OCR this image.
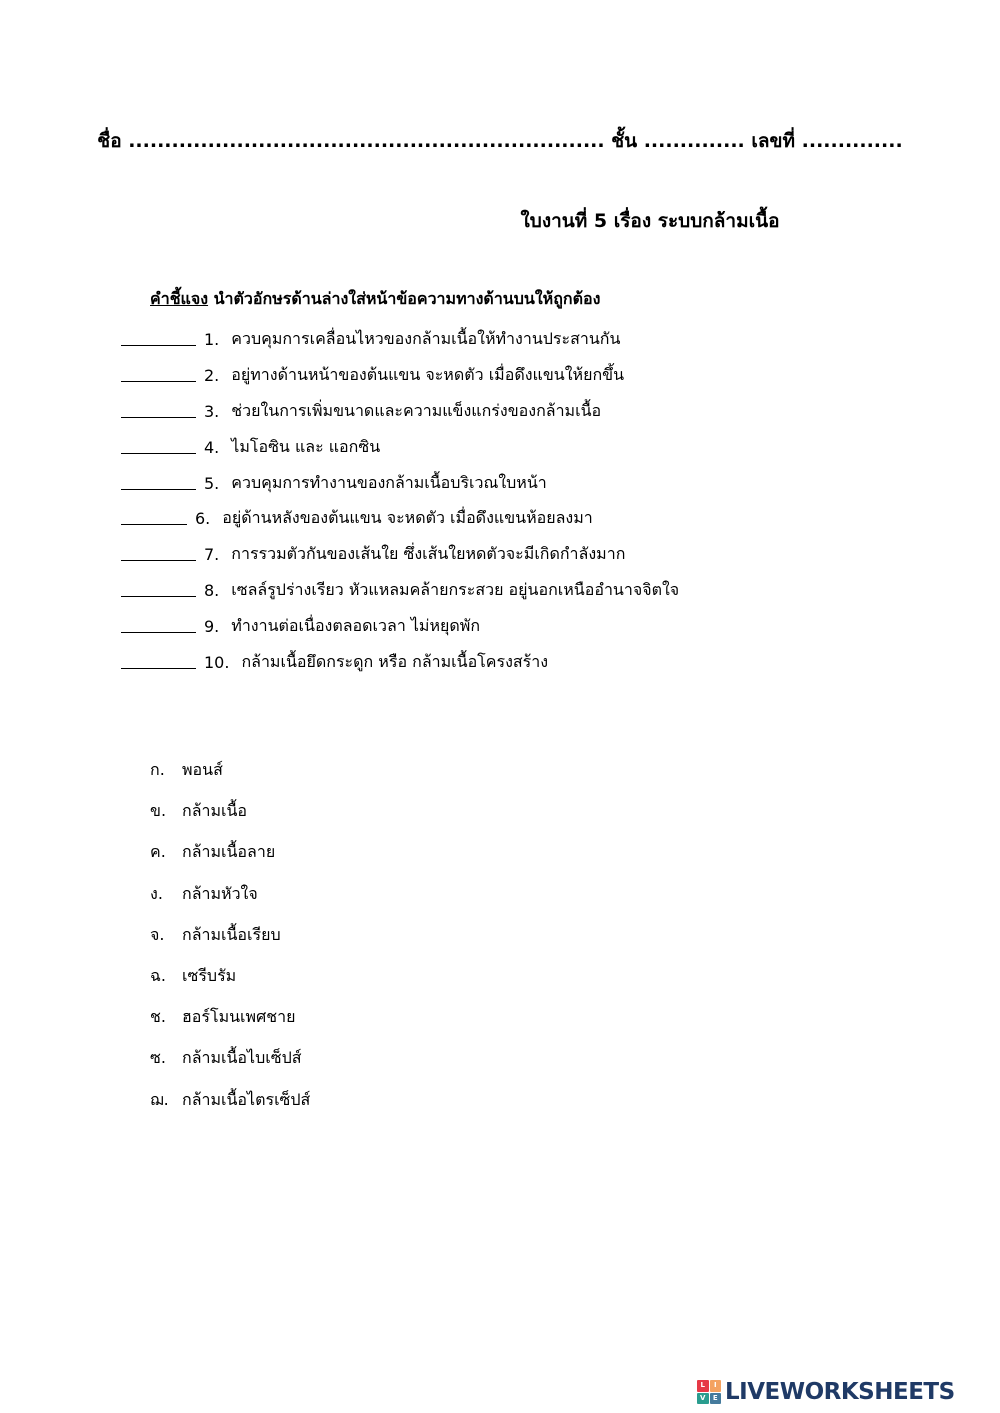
ชื่อ .................................................................. ชั้น .............. เลขที่ ..............
ใบงานที่ 5 เรื่อง ระบบกล้ามเนื้อ
คำชี้แจง นำตัวอักษรด้านล่างใส่หน้าข้อความทางด้านบนให้ถูกต้อง
1. ควบคุมการเคลื่อนไหวของกล้ามเนื้อให้ทำงานประสานกัน
2. อยู่ทางด้านหน้าของต้นแขน จะหดตัว เมื่อดึงแขนให้ยกขึ้น
3. ช่วยในการเพิ่มขนาดและความแข็งแกร่งของกล้ามเนื้อ
4. ไมโอซิน และ แอกซิน
5. ควบคุมการทำงานของกล้ามเนื้อบริเวณใบหน้า
6. อยู่ด้านหลังของต้นแขน จะหดตัว เมื่อดึงแขนห้อยลงมา
7. การรวมตัวกันของเส้นใย ซึ่งเส้นใยหดตัวจะมีเกิดกำลังมาก
8. เซลล์รูปร่างเรียว หัวแหลมคล้ายกระสวย อยู่นอกเหนืออำนาจจิตใจ
9. ทำงานต่อเนื่องตลอดเวลา ไม่หยุดพัก
10. กล้ามเนื้อยึดกระดูก หรือ กล้ามเนื้อโครงสร้าง
ก.	พอนส์
ข. กล้ามเนื้อ
ค.	กล้ามเนื้อลาย
ง.	กล้ามหัวใจ
จ.	กล้ามเนื้อเรียบ
ฉ.	เซรีบรัม
ช.	ฮอร์โมนเพศชาย
ซ.	กล้ามเนื้อไบเซ็ปส์
ฌ. กล้ามเนื้อไตรเซ็ปส์
L	I
V	E LIVEWORKSHEETS
